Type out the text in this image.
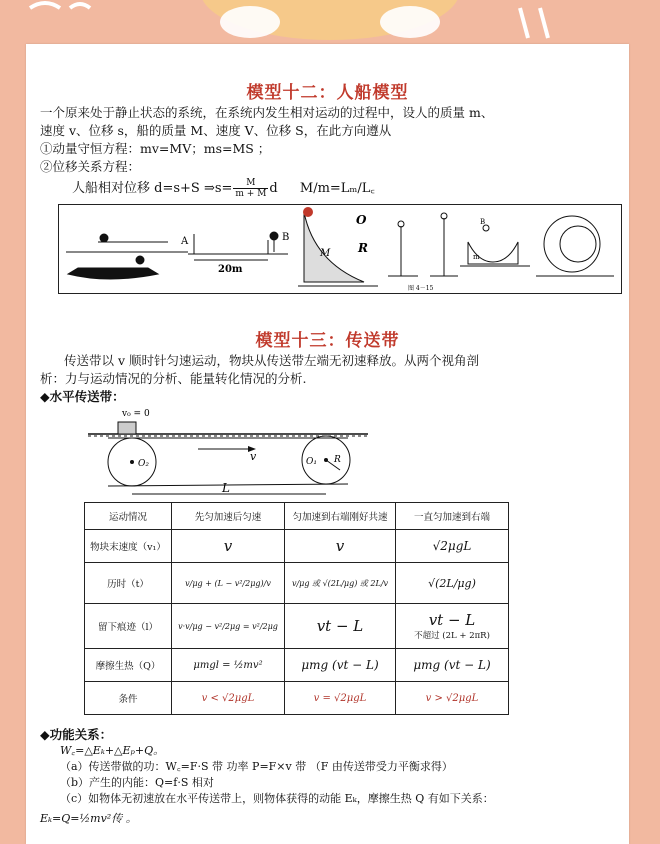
模型十二：人船模型
一个原来处于静止状态的系统，在系统内发生相对运动的过程中，设人的质量 m、
速度 v、位移 s，船的质量 M、速度 V、位移 S，在此方向遵从
①动量守恒方程：mv=MV；ms=MS ；
②位移关系方程：
人船相对位移 d=s+S ⇒s= $\frac{M}{m + M}$ d M/m=Lₘ/L꜀
A	B
20m
M R
O
图 4－15
B
m
模型十三：传送带
传送带以 v 顺时针匀速运动，物块从传送带左端无初速释放。从两个视角剖
析：力与运动情况的分析、能量转化情况的分析.
◆水平传送带：
v₀ = 0
v
O₂	O₁ R
L
运动情况	先匀加速后匀速	匀加速到右端刚好共速	一直匀加速到右端
物块末速度（v₁）	v	v	√2μgL
历时（t）	v/μg + (L − v²/2μg)/v	v/μg 或 √(2L/μg) 或 2L/v	√(2L/μg)
留下痕迹（l）	v·v/μg − v²/2μg = v²/2μg	vt − L	vt − L
不超过 (2L + 2πR)

摩擦生热（Q）	μmgl = ½mv²	μmg (vt − L)	μmg (vt − L)
条件	v < √2μgL	v = √2μgL	v > √2μgL
◆功能关系：
W꜀=△Eₖ+△Eₚ+Q。
（a）传送带做的功：W꜀=F·S 带 功率 P=F×v 带 （F 由传送带受力平衡求得）
（b）产生的内能：Q=f·S 相对
（c）如物体无初速放在水平传送带上，则物体获得的动能 Eₖ，摩擦生热 Q 有如下关系：
Eₖ=Q=½mv²传 。
